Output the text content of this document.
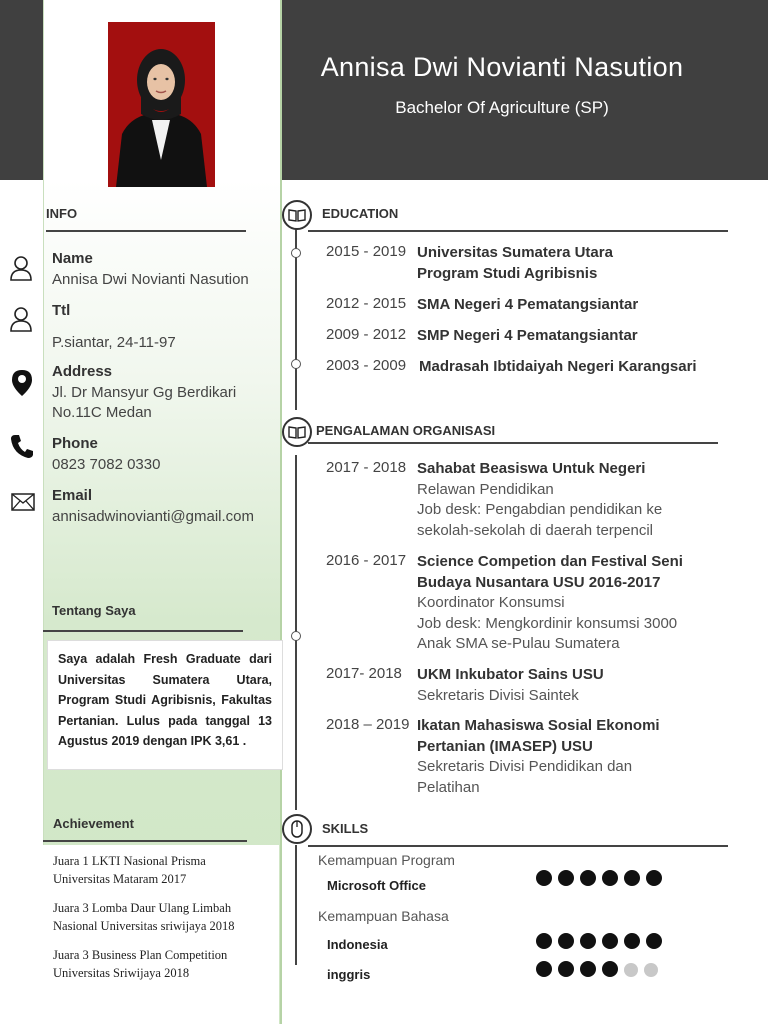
Annisa Dwi Novianti Nasution
Bachelor Of Agriculture (SP)
INFO
Name
Annisa Dwi Novianti Nasution
Ttl
P.siantar, 24-11-97
Address
Jl. Dr Mansyur Gg Berdikari
No.11C Medan
Phone
0823 7082 0330
Email
annisadwinovianti@gmail.com
Tentang Saya
Saya adalah Fresh Graduate dari Universitas Sumatera Utara, Program Studi Agribisnis, Fakultas Pertanian. Lulus pada tanggal 13 Agustus 2019 dengan IPK 3,61 .
Achievement
Juara 1 LKTI Nasional Prisma
Universitas Mataram 2017
Juara 3 Lomba Daur Ulang Limbah
Nasional Universitas sriwijaya 2018
Juara 3 Business Plan Competition
Universitas Sriwijaya 2018
EDUCATION
2015 - 2019 Universitas Sumatera Utara
Program Studi Agribisnis
2012 - 2015 SMA Negeri 4 Pematangsiantar
2009 - 2012 SMP Negeri 4 Pematangsiantar
2003 - 2009 Madrasah Ibtidaiyah Negeri Karangsari
PENGALAMAN ORGANISASI
2017 - 2018 Sahabat Beasiswa Untuk Negeri
Relawan Pendidikan
Job desk: Pengabdian pendidikan ke
sekolah-sekolah di daerah terpencil
2016 - 2017 Science Competion dan Festival Seni
Budaya Nusantara USU 2016-2017
Koordinator Konsumsi
Job desk: Mengkordinir konsumsi 3000
Anak SMA se-Pulau Sumatera
2017- 2018 UKM Inkubator Sains USU
Sekretaris Divisi Saintek
2018 – 2019 Ikatan Mahasiswa Sosial Ekonomi
Pertanian (IMASEP) USU
Sekretaris Divisi Pendidikan dan
Pelatihan
SKILLS
Kemampuan Program
Microsoft Office
Kemampuan Bahasa
Indonesia
inggris
